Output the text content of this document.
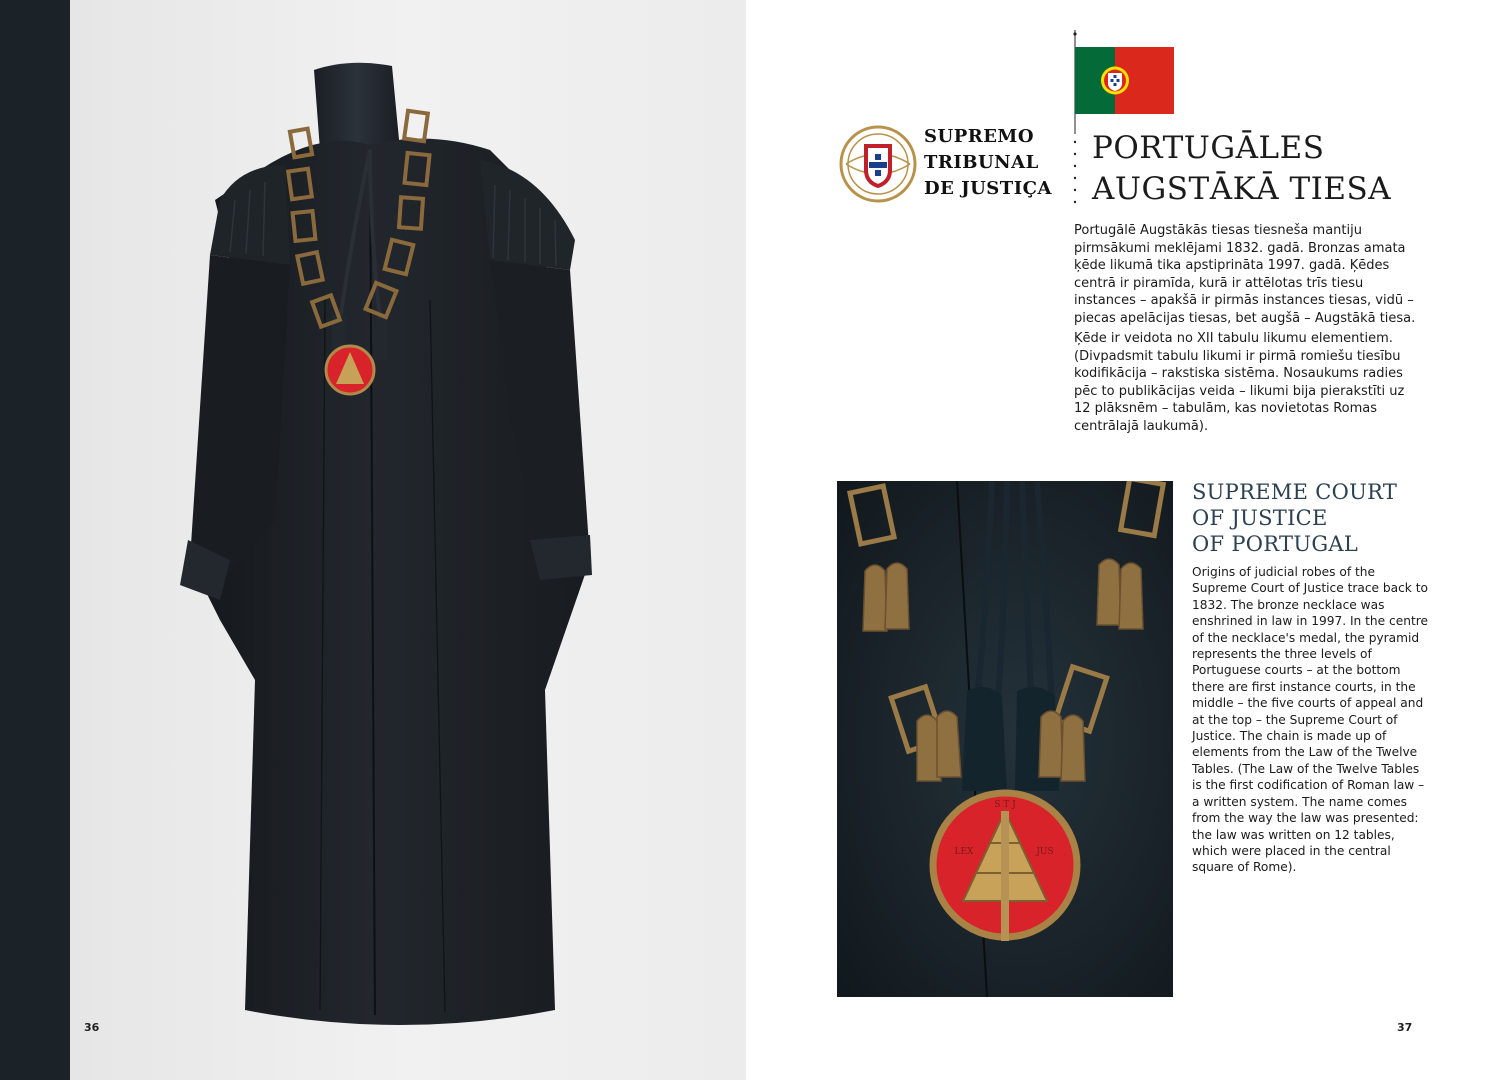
36
SUPREMO
TRIBUNAL
DE JUSTIÇA
PORTUGĀLES
AUGSTĀKĀ TIESA

Portugālē Augstākās tiesas tiesneša mantiju pirmsākumi meklējami 1832. gadā. Bronzas amata ķēde likumā tika apstiprināta 1997. gadā. Ķēdes centrā ir piramīda, kurā ir attēlotas trīs tiesu instances – apakšā ir pirmās instances tiesas, vidū – piecas apelācijas tiesas, bet augšā – Augstākā tiesa.

Ķēde ir veidota no XII tabulu likumu elementiem. (Divpadsmit tabulu likumi ir pirmā romiešu tiesību kodifikācija – rakstiska sistēma. Nosaukums radies pēc to publikācijas veida – likumi bija pierakstīti uz 12 plāksnēm – tabulām, kas novietotas Romas centrālajā laukumā).

S T J
LEX	JUS
SUPREME COURT
OF JUSTICE
OF PORTUGAL
Origins of judicial robes of the Supreme Court of Justice trace back to 1832. The bronze necklace was enshrined in law in 1997. In the centre of the necklace's medal, the pyramid represents the three levels of Portuguese courts – at the bottom there are first instance courts, in the middle – the five courts of appeal and at the top – the Supreme Court of Justice. The chain is made up of elements from the Law of the Twelve Tables. (The Law of the Twelve Tables is the first codification of Roman law – a written system. The name comes from the way the law was presented: the law was written on 12 tables, which were placed in the central square of Rome).
37
